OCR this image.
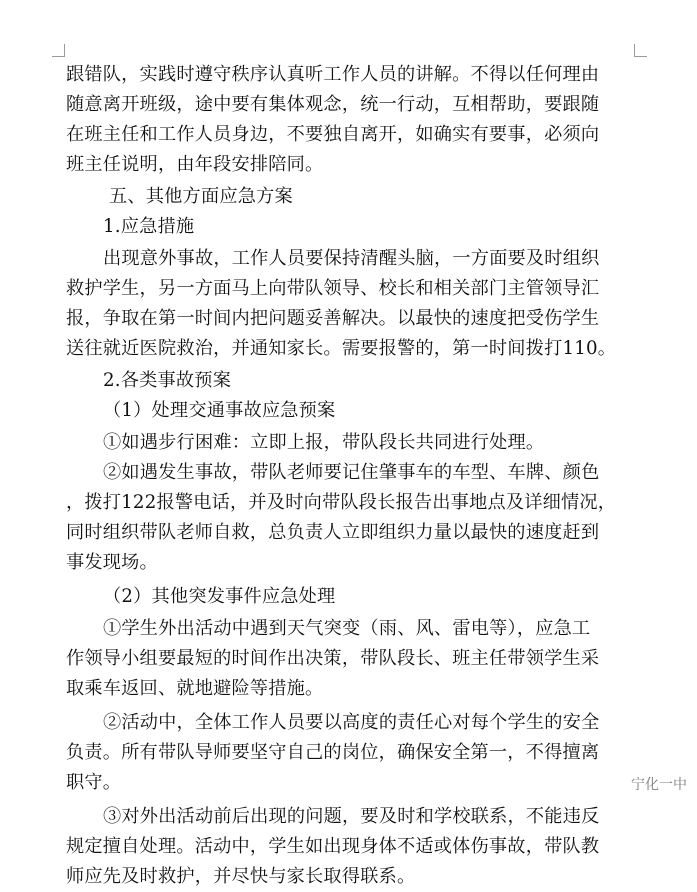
跟错队，实践时遵守秩序认真听工作人员的讲解。不得以任何理由
随意离开班级，途中要有集体观念，统一行动，互相帮助，要跟随
在班主任和工作人员身边，不要独自离开，如确实有要事，必须向
班主任说明，由年段安排陪同。
五、其他方面应急方案
1.应急措施
出现意外事故，工作人员要保持清醒头脑，一方面要及时组织
救护学生，另一方面马上向带队领导、校长和相关部门主管领导汇
报，争取在第一时间内把问题妥善解决。以最快的速度把受伤学生
送往就近医院救治，并通知家长。需要报警的，第一时间拨打110。
2.各类事故预案
（1）处理交通事故应急预案
①如遇步行困难：立即上报，带队段长共同进行处理。
②如遇发生事故，带队老师要记住肇事车的车型、车牌、颜色
，拨打122报警电话，并及时向带队段长报告出事地点及详细情况，
同时组织带队老师自救，总负责人立即组织力量以最快的速度赶到
事发现场。
（2）其他突发事件应急处理
①学生外出活动中遇到天气突变（雨、风、雷电等），应急工
作领导小组要最短的时间作出决策，带队段长、班主任带领学生采
取乘车返回、就地避险等措施。
②活动中，全体工作人员要以高度的责任心对每个学生的安全
负责。所有带队导师要坚守自己的岗位，确保安全第一，不得擅离
职守。
③对外出活动前后出现的问题，要及时和学校联系，不能违反
规定擅自处理。活动中，学生如出现身体不适或体伤事故，带队教
师应先及时救护，并尽快与家长取得联系。
宁化一中
